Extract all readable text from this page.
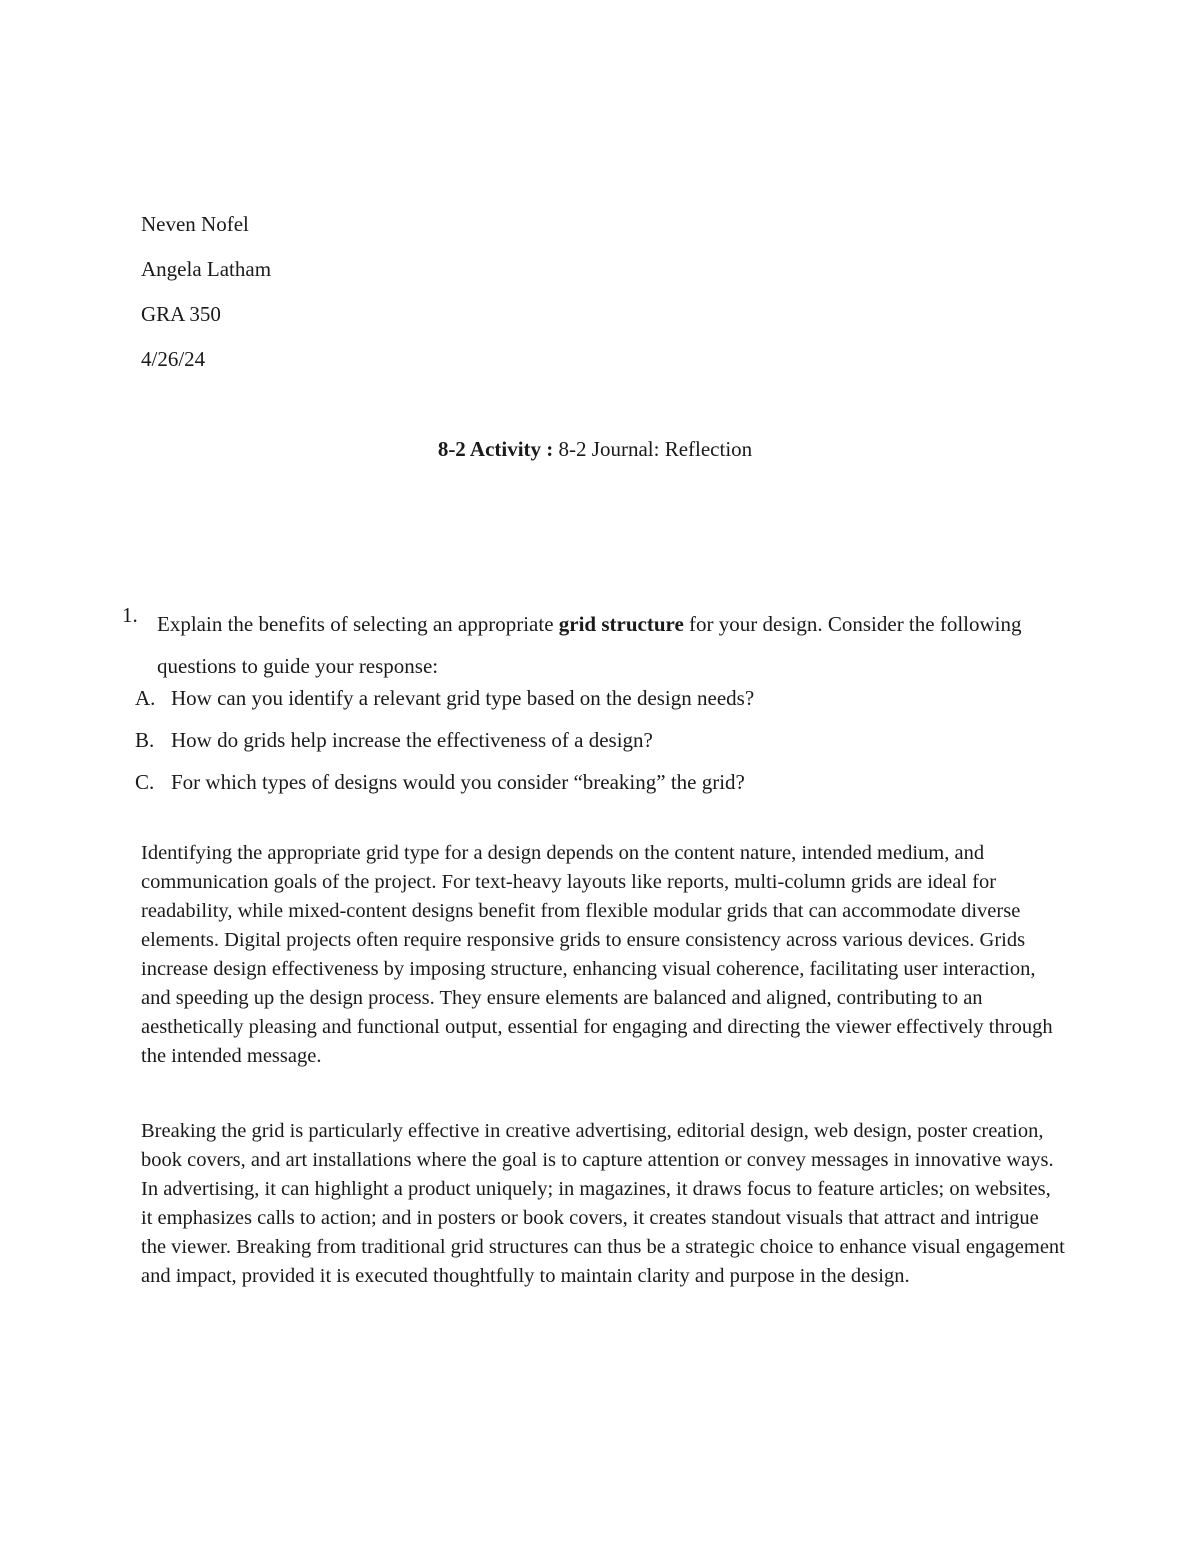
Neven Nofel
Angela Latham
GRA 350
4/26/24
8-2 Activity : 8-2 Journal: Reflection
1. Explain the benefits of selecting an appropriate grid structure for your design. Consider the following questions to guide your response:
A. How can you identify a relevant grid type based on the design needs?
B. How do grids help increase the effectiveness of a design?
C. For which types of designs would you consider “breaking” the grid?

Identifying the appropriate grid type for a design depends on the content nature, intended medium, and communication goals of the project. For text-heavy layouts like reports, multi-column grids are ideal for readability, while mixed-content designs benefit from flexible modular grids that can accommodate diverse elements. Digital projects often require responsive grids to ensure consistency across various devices. Grids increase design effectiveness by imposing structure, enhancing visual coherence, facilitating user interaction, and speeding up the design process. They ensure elements are balanced and aligned, contributing to an aesthetically pleasing and functional output, essential for engaging and directing the viewer effectively through the intended message.

Breaking the grid is particularly effective in creative advertising, editorial design, web design, poster creation, book covers, and art installations where the goal is to capture attention or convey messages in innovative ways. In advertising, it can highlight a product uniquely; in magazines, it draws focus to feature articles; on websites, it emphasizes calls to action; and in posters or book covers, it creates standout visuals that attract and intrigue the viewer. Breaking from traditional grid structures can thus be a strategic choice to enhance visual engagement and impact, provided it is executed thoughtfully to maintain clarity and purpose in the design.
